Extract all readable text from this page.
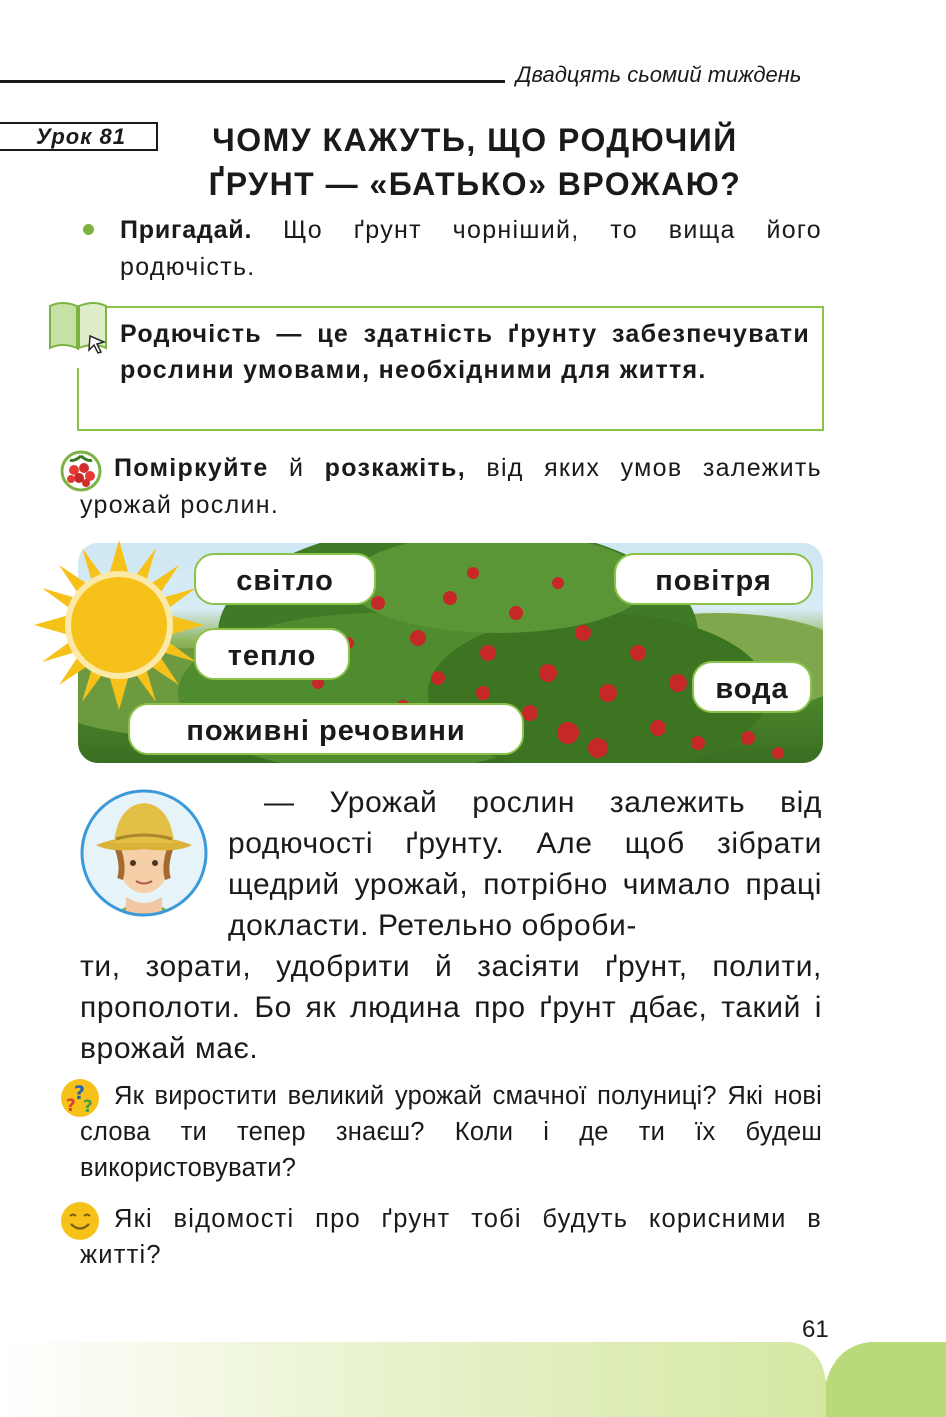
Двадцять сьомий тиждень
Урок 81	ЧОМУ КАЖУТЬ, ЩО РОДЮЧИЙ
ҐРУНТ — «БАТЬКО» ВРОЖАЮ?
Пригадай. Що ґрунт чорніший, то вища його родючість.
Родючість — це здатність ґрунту забезпечувати рослини умовами, необхідними для життя.
Поміркуйте й розкажіть, від яких умов залежить урожай рослин.
світло	повітря
тепло
вода
поживні речовини
— Урожай рослин залежить від родючості ґрунту. Але щоб зібрати щедрий урожай, потрібно чимало праці докласти. Ретельно оброби-
ти, зорати, удобрити й засіяти ґрунт, полити, прополоти. Бо як людина про ґрунт дбає, такий і врожай має.
?
?
? Як виростити великий урожай смачної полуниці? Які нові слова ти тепер знаєш? Коли і де ти їх будеш використовувати?
Які відомості про ґрунт тобі будуть корисними в житті?
61
